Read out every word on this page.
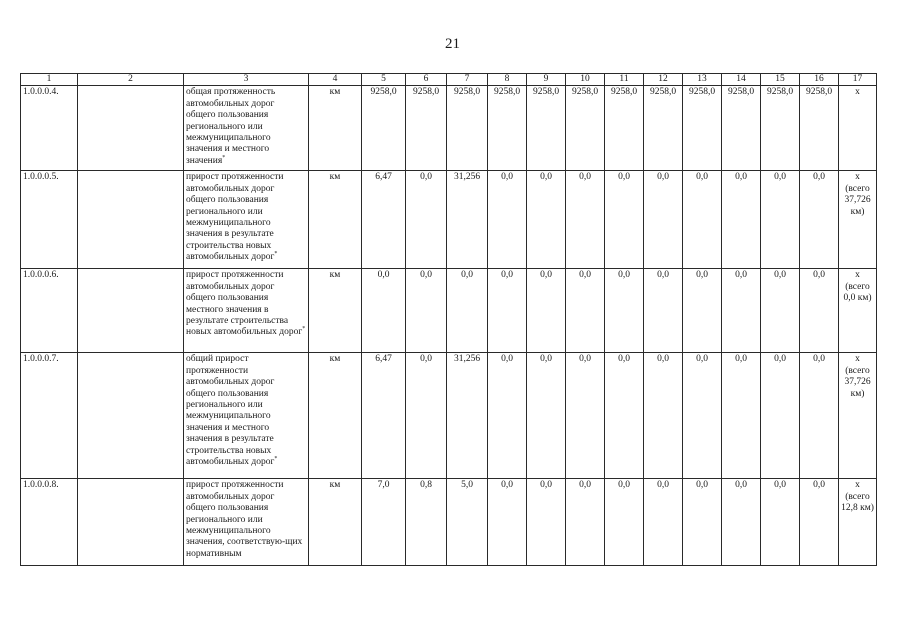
21
1	2	3	4	5	6	7	8	9	10	11	12	13	14	15	16	17
1.0.0.0.4.		общая протяженность автомобильных дорог общего пользования регионального или межмуниципального значения и местного значения*	км	9258,0	9258,0	9258,0	9258,0	9258,0	9258,0	9258,0	9258,0	9258,0	9258,0	9258,0	9258,0	x

1.0.0.0.5.		прирост протяженности автомобильных дорог общего пользования регионального или межмуниципального значения в результате строительства новых автомобильных дорог*	км	6,47	0,0	31,256	0,0	0,0	0,0	0,0	0,0	0,0	0,0	0,0	0,0	x
(всего
37,726
км)

1.0.0.0.6.		прирост протяженности автомобильных дорог общего пользования местного значения в результате строительства новых автомобильных дорог*	км	0,0	0,0	0,0	0,0	0,0	0,0	0,0	0,0	0,0	0,0	0,0	0,0	x
(всего
0,0 км)

1.0.0.0.7.		общий прирост протяженности автомобильных дорог общего пользования регионального или межмуниципального значения и местного значения в результате строительства новых автомобильных дорог*	км	6,47	0,0	31,256	0,0	0,0	0,0	0,0	0,0	0,0	0,0	0,0	0,0	x
(всего
37,726
км)

1.0.0.0.8.		прирост протяженности автомобильных дорог общего пользования регионального или межмуниципального значения, соответствую-щих нормативным	км	7,0	0,8	5,0	0,0	0,0	0,0	0,0	0,0	0,0	0,0	0,0	0,0	x
(всего
12,8 км)
